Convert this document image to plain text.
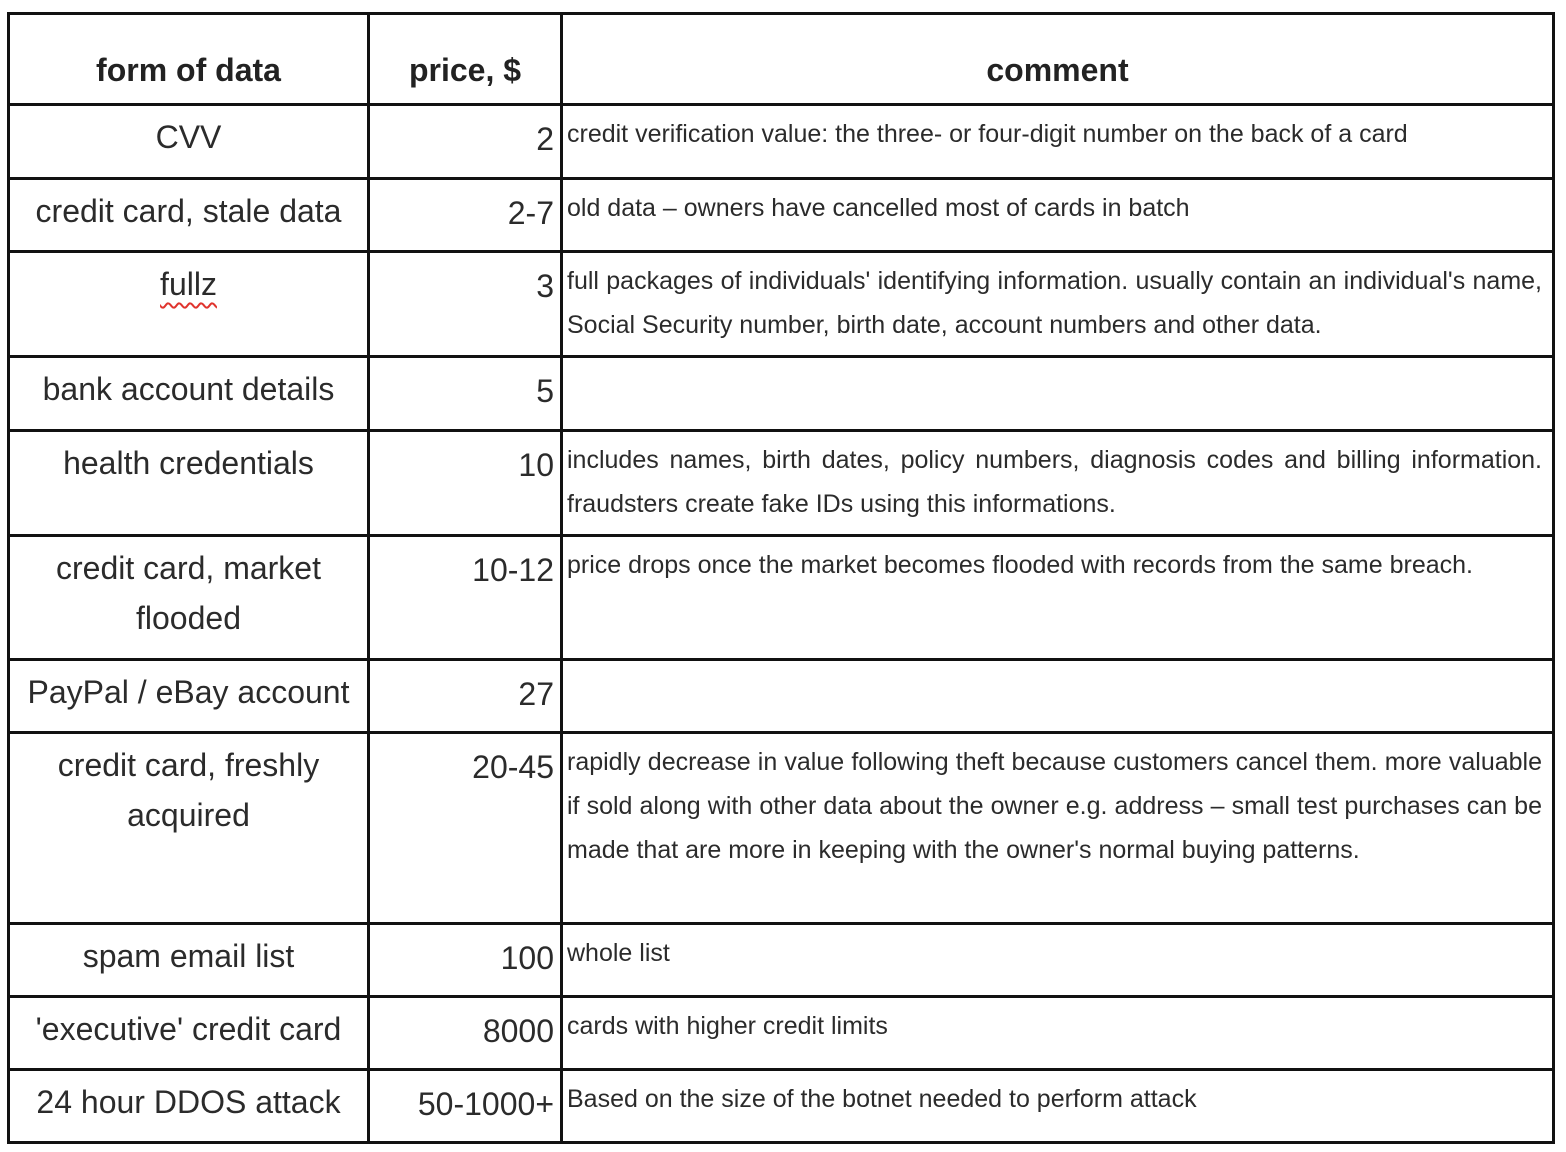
form of data	price, $	comment
CVV	2	credit verification value: the three- or four-digit number on the back of a card
credit card, stale data	2-7	old data – owners have cancelled most of cards in batch
fullz	3	full packages of individuals' identifying information. usually contain an individual's name, Social Security number, birth date, account numbers and other data.
bank account details	5	
health credentials	10	includes names, birth dates, policy numbers, diagnosis codes and billing information. fraudsters create fake IDs using this informations.
credit card, market flooded	10-12	price drops once the market becomes flooded with records from the same breach.
PayPal / eBay account	27	
credit card, freshly acquired	20-45	rapidly decrease in value following theft because customers cancel them. more valuable if sold along with other data about the owner e.g. address – small test purchases can be made that are more in keeping with the owner's normal buying patterns.
spam email list	100	whole list
'executive' credit card	8000	cards with higher credit limits
24 hour DDOS attack	50-1000+	Based on the size of the botnet needed to perform attack
